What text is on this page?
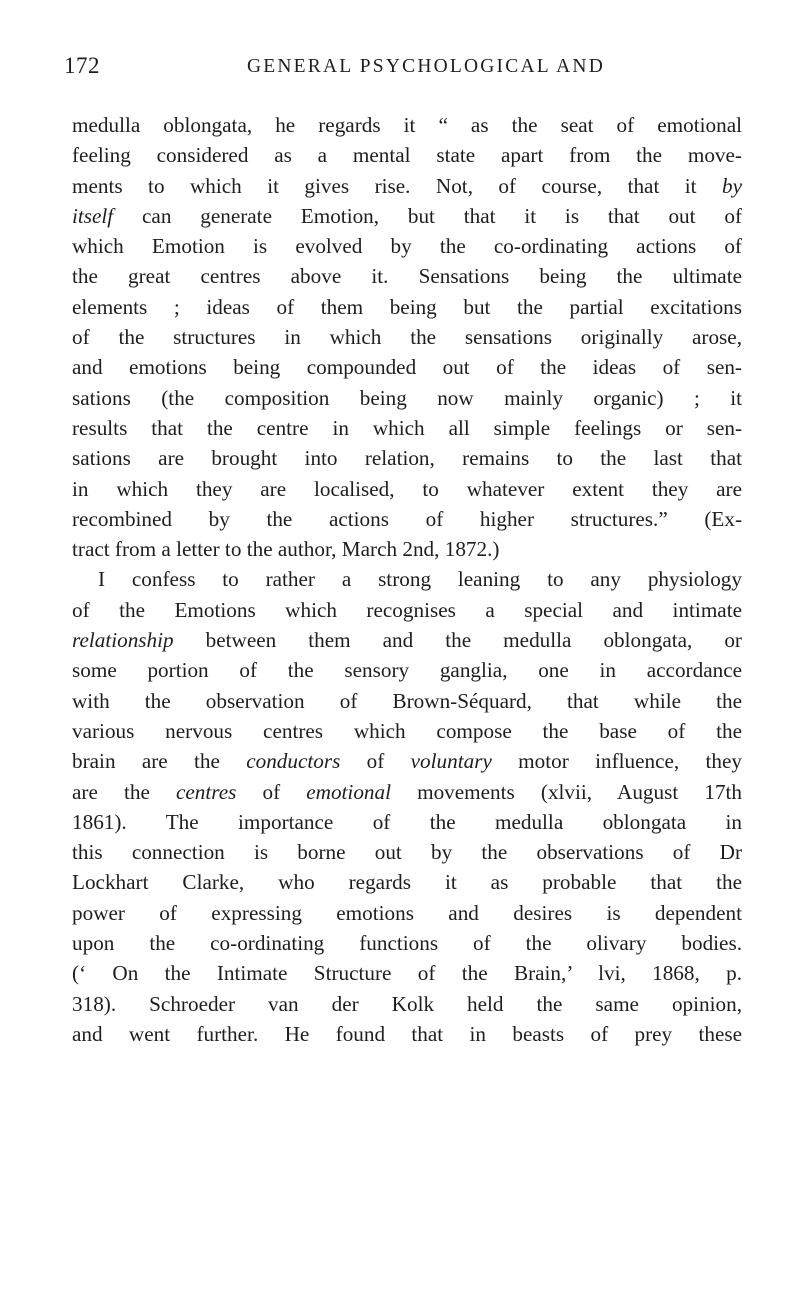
172	GENERAL PSYCHOLOGICAL AND
medulla oblongata, he regards it “ as the seat of emotional
feeling considered as a mental state apart from the move-
ments to which it gives rise. Not, of course, that it by
itself can generate Emotion, but that it is that out of
which Emotion is evolved by the co-ordinating actions of
the great centres above it. Sensations being the ultimate
elements ; ideas of them being but the partial excitations
of the structures in which the sensations originally arose,
and emotions being compounded out of the ideas of sen-
sations (the composition being now mainly organic) ; it
results that the centre in which all simple feelings or sen-
sations are brought into relation, remains to the last that
in which they are localised, to whatever extent they are
recombined by the actions of higher structures.” (Ex-
tract from a letter to the author, March 2nd, 1872.)
I confess to rather a strong leaning to any physiology
of the Emotions which recognises a special and intimate
relationship between them and the medulla oblongata, or
some portion of the sensory ganglia, one in accordance
with the observation of Brown-Séquard, that while the
various nervous centres which compose the base of the
brain are the conductors of voluntary motor influence, they
are the centres of emotional movements (xlvii, August 17th
1861). The importance of the medulla oblongata in
this connection is borne out by the observations of Dr
Lockhart Clarke, who regards it as probable that the
power of expressing emotions and desires is dependent
upon the co-ordinating functions of the olivary bodies.
(‘ On the Intimate Structure of the Brain,’ lvi, 1868, p.
318). Schroeder van der Kolk held the same opinion,
and went further. He found that in beasts of prey these
